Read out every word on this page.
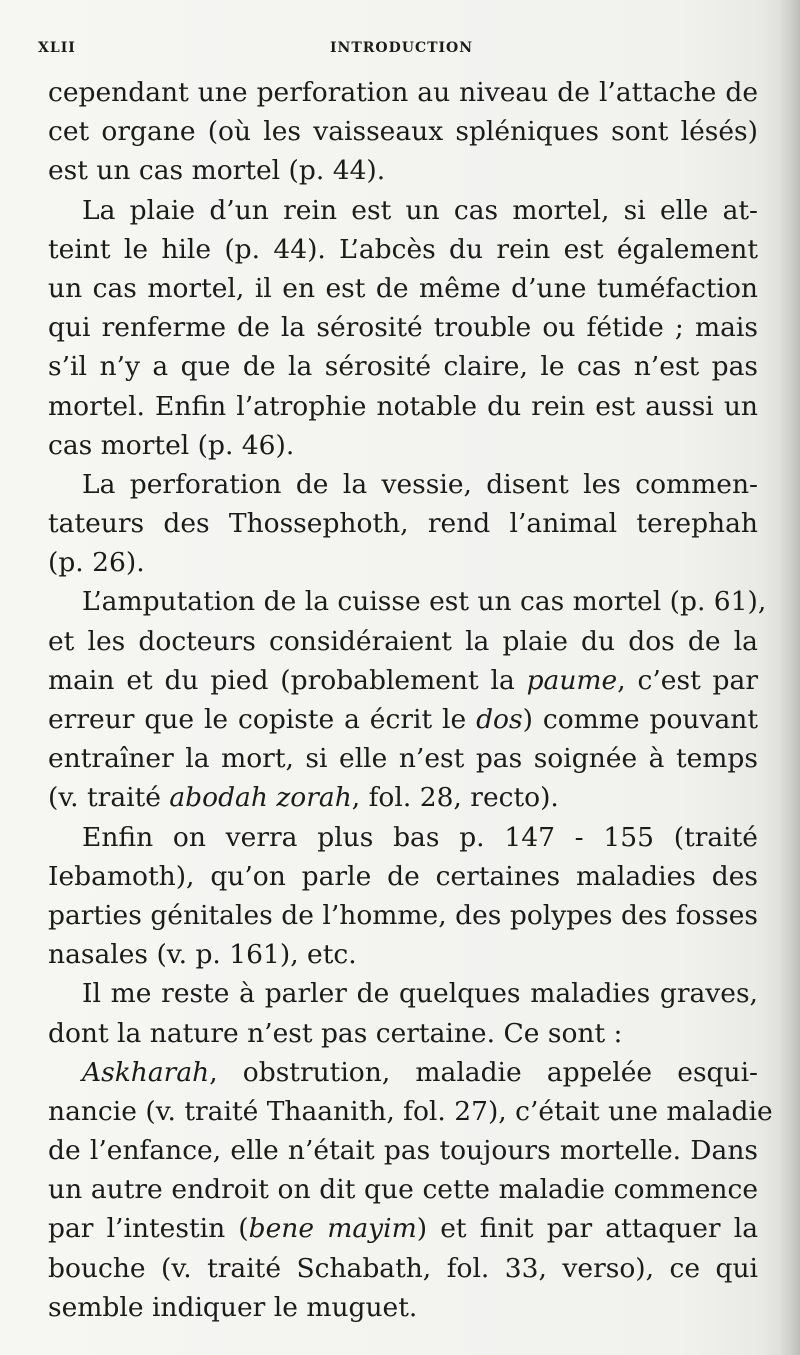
XLII	INTRODUCTION
cependant une perforation au niveau de l’attache de
cet organe (où les vaisseaux spléniques sont lésés)
est un cas mortel (p. 44).
La plaie d’un rein est un cas mortel, si elle at-
teint le hile (p. 44). L’abcès du rein est également
un cas mortel, il en est de même d’une tuméfaction
qui renferme de la sérosité trouble ou fétide ; mais
s’il n’y a que de la sérosité claire, le cas n’est pas
mortel. Enfin l’atrophie notable du rein est aussi un
cas mortel (p. 46).
La perforation de la vessie, disent les commen-
tateurs des Thossephoth, rend l’animal terephah
(p. 26).
L’amputation de la cuisse est un cas mortel (p. 61),
et les docteurs considéraient la plaie du dos de la
main et du pied (probablement la paume, c’est par
erreur que le copiste a écrit le dos) comme pouvant
entraîner la mort, si elle n’est pas soignée à temps
(v. traité abodah zorah, fol. 28, recto).
Enfin on verra plus bas p. 147 - 155 (traité
Iebamoth), qu’on parle de certaines maladies des
parties génitales de l’homme, des polypes des fosses
nasales (v. p. 161), etc.
Il me reste à parler de quelques maladies graves,
dont la nature n’est pas certaine. Ce sont :
Askharah, obstrution, maladie appelée esqui-
nancie (v. traité Thaanith, fol. 27), c’était une maladie
de l’enfance, elle n’était pas toujours mortelle. Dans
un autre endroit on dit que cette maladie commence
par l’intestin (bene mayim) et finit par attaquer la
bouche (v. traité Schabath, fol. 33, verso), ce qui
semble indiquer le muguet.
